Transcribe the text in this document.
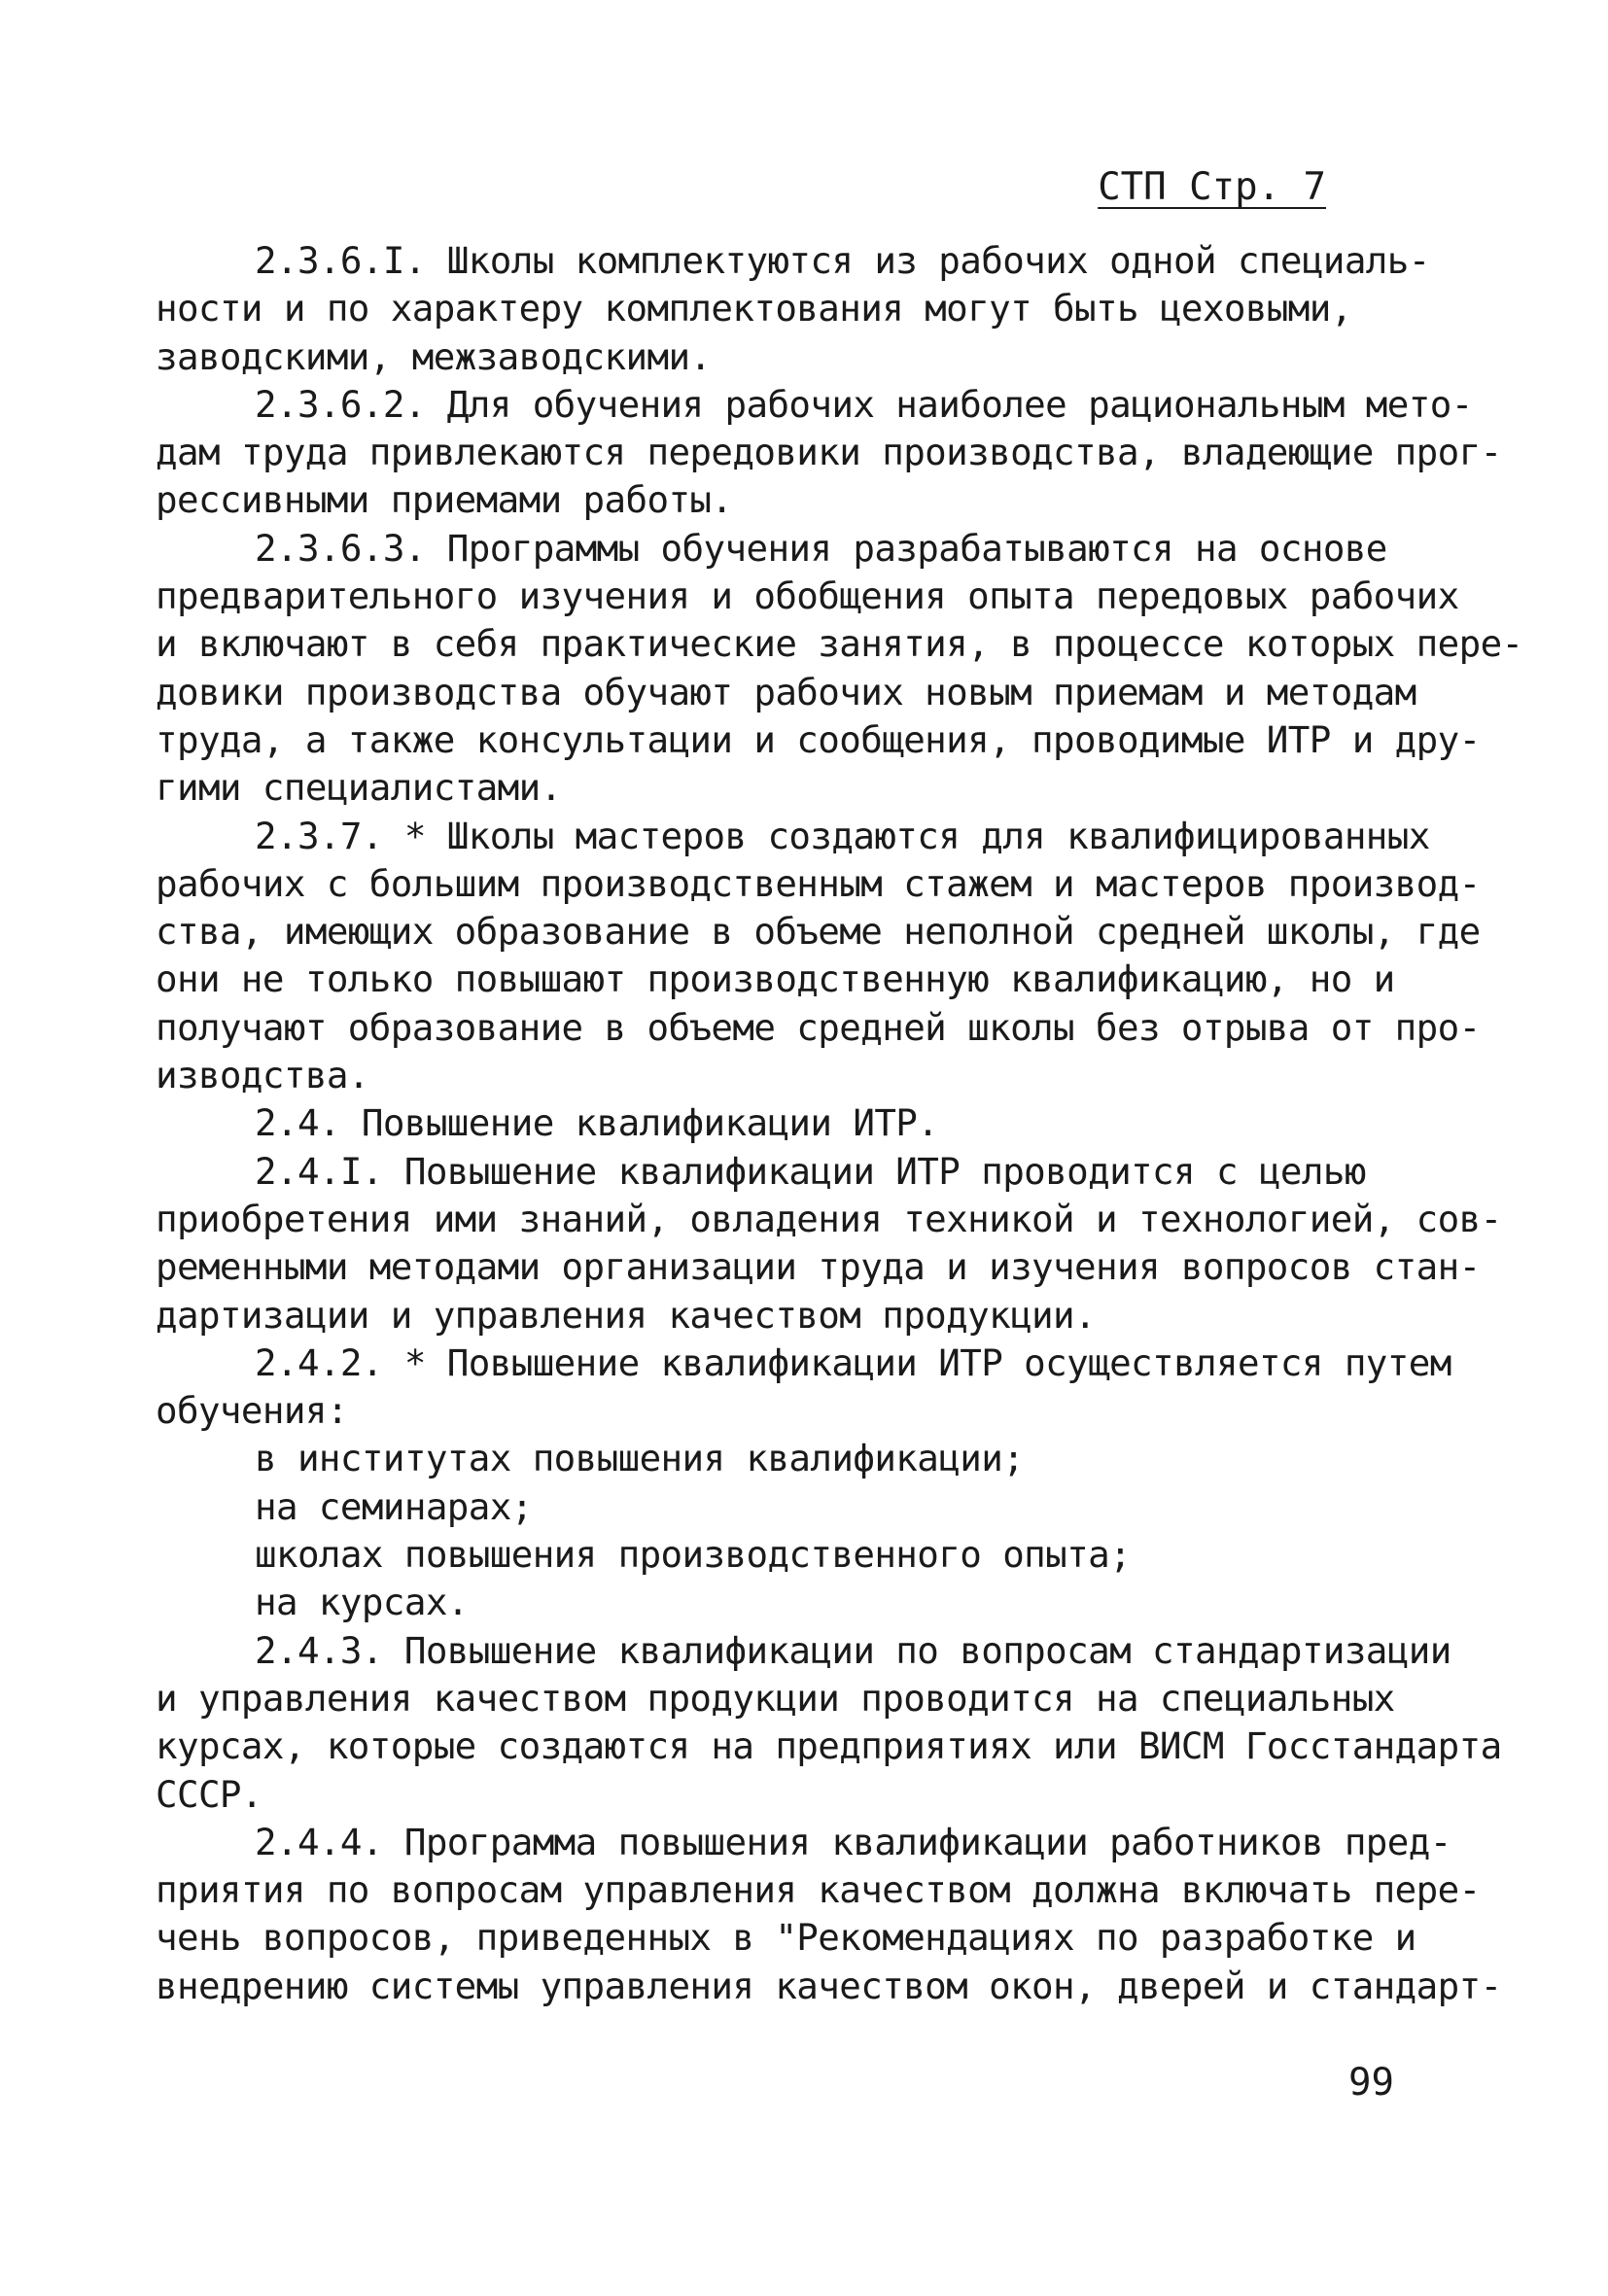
СТП Стр. 7
2.3.6.I. Школы комплектуются из рабочих одной специаль-
ности и по характеру комплектования могут быть цеховыми,
заводскими, межзаводскими.
2.3.6.2. Для обучения рабочих наиболее рациональным мето-
дам труда привлекаются передовики производства, владеющие прог-
рессивными приемами работы.
2.3.6.3. Программы обучения разрабатываются на основе
предварительного изучения и обобщения опыта передовых рабочих
и включают в себя практические занятия, в процессе которых пере-
довики производства обучают рабочих новым приемам и методам
труда, а также консультации и сообщения, проводимые ИТР и дру-
гими специалистами.
2.3.7. * Школы мастеров создаются для квалифицированных
рабочих с большим производственным стажем и мастеров производ-
ства, имеющих образование в объеме неполной средней школы, где
они не только повышают производственную квалификацию, но и
получают образование в объеме средней школы без отрыва от про-
изводства.
2.4. Повышение квалификации ИТР.
2.4.I. Повышение квалификации ИТР проводится с целью
приобретения ими знаний, овладения техникой и технологией, сов-
ременными методами организации труда и изучения вопросов стан-
дартизации и управления качеством продукции.
2.4.2. * Повышение квалификации ИТР осуществляется путем
обучения:
в институтах повышения квалификации;
на семинарах;
школах повышения производственного опыта;
на курсах.
2.4.3. Повышение квалификации по вопросам стандартизации
и управления качеством продукции проводится на специальных
курсах, которые создаются на предприятиях или ВИСМ Госстандарта
СССР.
2.4.4. Программа повышения квалификации работников пред-
приятия по вопросам управления качеством должна включать пере-
чень вопросов, приведенных в "Рекомендациях по разработке и
внедрению системы управления качеством окон, дверей и стандарт-
99
